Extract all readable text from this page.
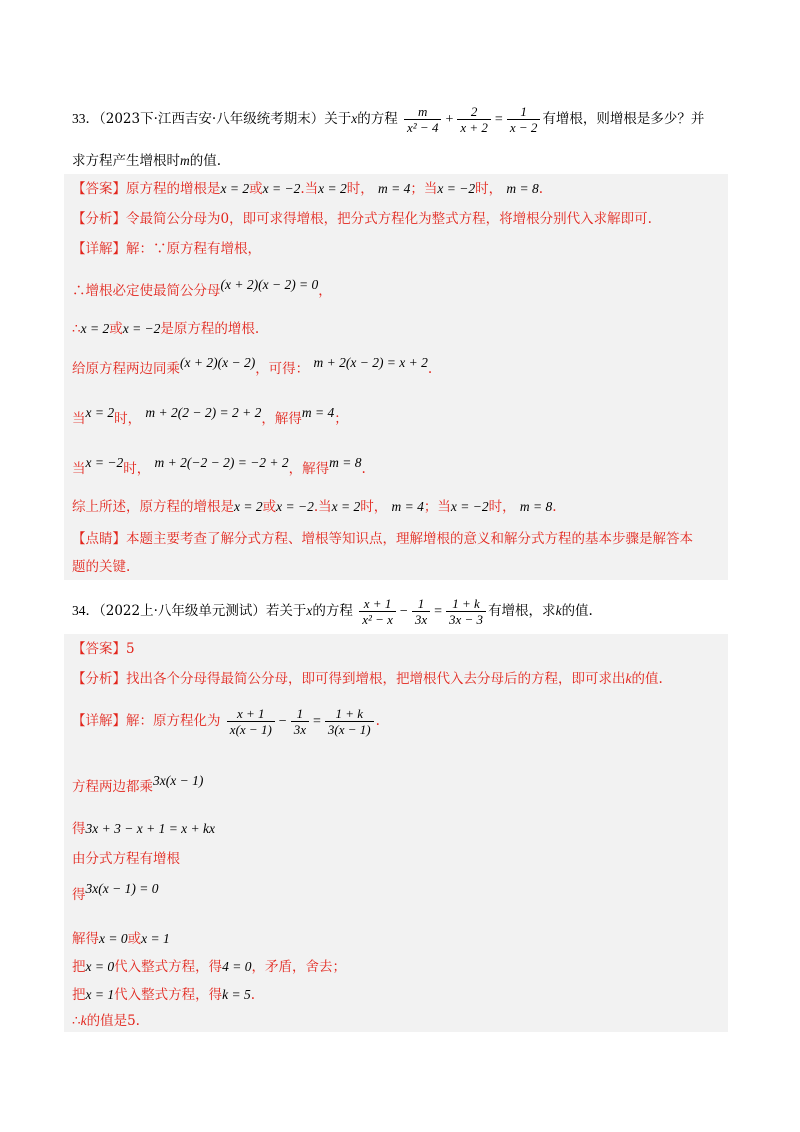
33．（2023下·江西吉安·八年级统考期末）关于x的方程 $\frac{m}{\text{x² − 4}} + \frac{2}{x + 2} = \frac{1}{x - 2}$ 有增根，则增根是多少？并
求方程产生增根时m的值.
【答案】原方程的增根是x = 2或x = −2.当x = 2时， m = 4；当x = −2时， m = 8.
【分析】令最简公分母为0，即可求得增根，把分式方程化为整式方程，将增根分别代入求解即可.
【详解】解：∵原方程有增根，
∴增根必定使最简公分母(x + 2)(x − 2) = 0，
∴x = 2或x = −2是原方程的增根.
给原方程两边同乘(x + 2)(x − 2)，可得： m + 2(x − 2) = x + 2.
当x = 2时， m + 2(2 − 2) = 2 + 2，解得m = 4；
当x = −2时， m + 2(−2 − 2) = −2 + 2，解得m = 8.
综上所述，原方程的增根是x = 2或x = −2.当x = 2时， m = 4；当x = −2时， m = 8.
【点睛】本题主要考查了解分式方程、增根等知识点，理解增根的意义和解分式方程的基本步骤是解答本
题的关键.
34．（2022上·八年级单元测试）若关于x的方程 $\frac{x + 1}{\text{x² − x}} - \frac{1}{3x} = \frac{1 + k}{3x - 3}$ 有增根，求k的值.
【答案】5
【分析】找出各个分母得最简公分母，即可得到增根，把增根代入去分母后的方程，即可求出k的值.
【详解】解：原方程化为 $\frac{x + 1}{x(x - 1)} - \frac{1}{3x} = \frac{1 + k}{3(x - 1)}$ .
方程两边都乘3x(x − 1)
得3x + 3 − x + 1 = x + kx
由分式方程有增根
得3x(x − 1) = 0
解得x = 0或x = 1
把x = 0代入整式方程，得4 = 0，矛盾，舍去；
把x = 1代入整式方程，得k = 5.
∴k的值是5.
